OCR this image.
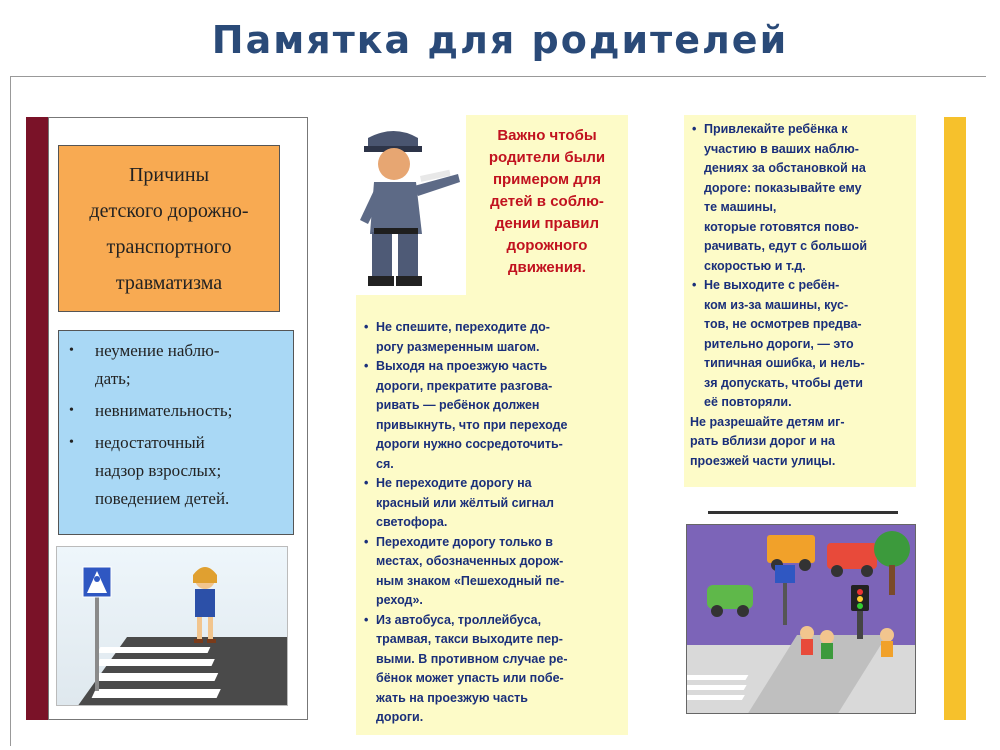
Памятка для родителей
Причины
детского дорожно-
транспортного
травматизма
• неумение наблю-
дать;
• невнимательность;
• недостаточный
надзор взрослых;
поведением детей.
Важно чтобы
родители были
примером для
детей в соблю-
дении правил
дорожного
движения.
• Не спешите, переходите до-
рогу размеренным шагом.
• Выходя на проезжую часть
дороги, прекратите разгова-
ривать — ребёнок должен
привыкнуть, что при переходе
дороги нужно сосредоточить-
ся.
• Не переходите дорогу на
красный или жёлтый сигнал
светофора.
• Переходите дорогу только в
местах, обозначенных дорож-
ным знаком «Пешеходный пе-
реход».
• Из автобуса, троллейбуса,
трамвая, такси выходите пер-
выми. В противном случае ре-
бёнок может упасть или побе-
жать на проезжую часть
дороги.
• Привлекайте ребёнка к
участию в ваших наблю-
дениях за обстановкой на
дороге: показывайте ему
те машины,
которые готовятся пово-
рачивать, едут с большой
скоростью и т.д.
• Не выходите с ребён-
ком из-за машины, кус-
тов, не осмотрев предва-
рительно дороги, — это
типичная ошибка, и нель-
зя допускать, чтобы дети
её повторяли.
Не разрешайте детям иг-
рать вблизи дорог и на
проезжей части улицы.
